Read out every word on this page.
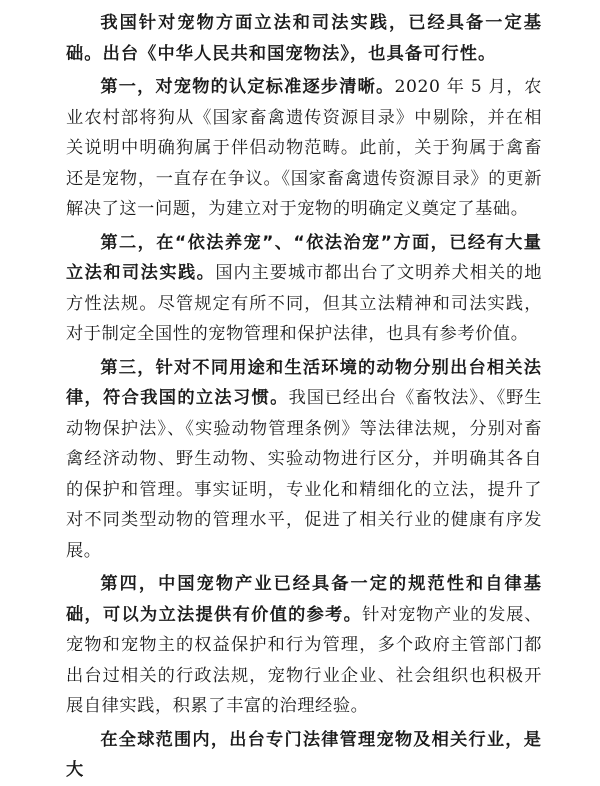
我国针对宠物方面立法和司法实践，已经具备一定基础。出台《中华人民共和国宠物法》，也具备可行性。

第一，对宠物的认定标准逐步清晰。2020 年 5 月，农业农村部将狗从《国家畜禽遗传资源目录》中剔除，并在相关说明中明确狗属于伴侣动物范畴。此前，关于狗属于禽畜还是宠物，一直存在争议。《国家畜禽遗传资源目录》的更新解决了这一问题，为建立对于宠物的明确定义奠定了基础。

第二，在“依法养宠”、“依法治宠”方面，已经有大量立法和司法实践。国内主要城市都出台了文明养犬相关的地方性法规。尽管规定有所不同，但其立法精神和司法实践，对于制定全国性的宠物管理和保护法律，也具有参考价值。

第三，针对不同用途和生活环境的动物分别出台相关法律，符合我国的立法习惯。我国已经出台《畜牧法》、《野生动物保护法》、《实验动物管理条例》等法律法规，分别对畜禽经济动物、野生动物、实验动物进行区分，并明确其各自的保护和管理。事实证明，专业化和精细化的立法，提升了对不同类型动物的管理水平，促进了相关行业的健康有序发展。

第四，中国宠物产业已经具备一定的规范性和自律基础，可以为立法提供有价值的参考。针对宠物产业的发展、宠物和宠物主的权益保护和行为管理，多个政府主管部门都出台过相关的行政法规，宠物行业企业、社会组织也积极开展自律实践，积累了丰富的治理经验。

在全球范围内，出台专门法律管理宠物及相关行业，是大
